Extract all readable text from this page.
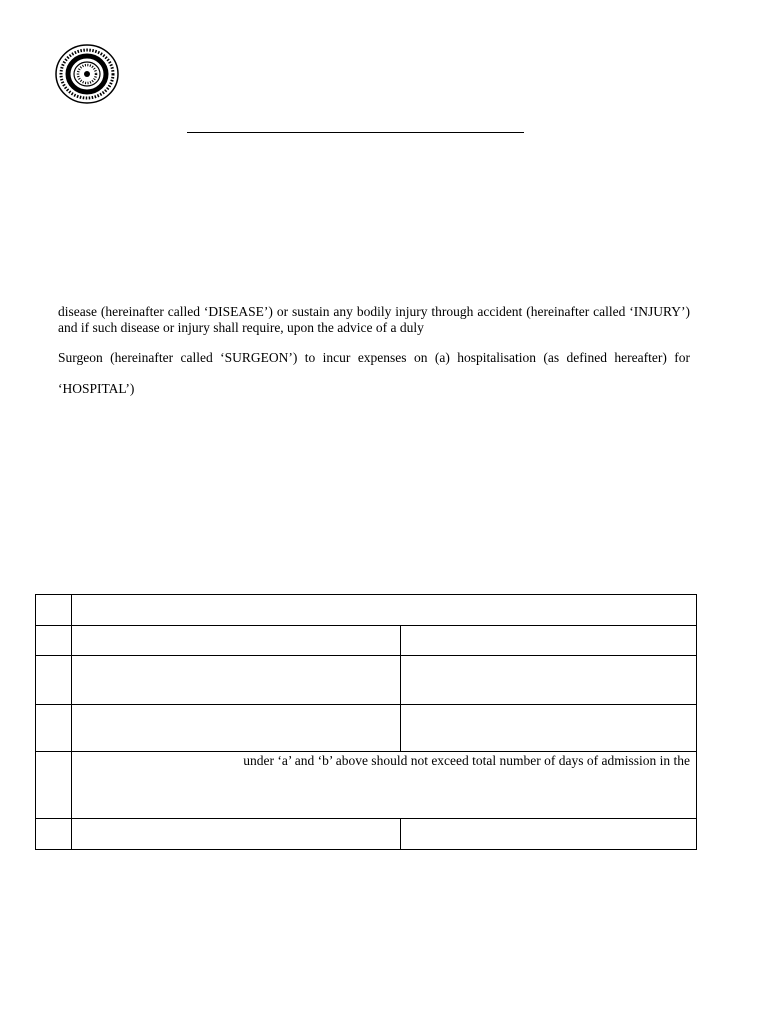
disease (hereinafter called ‘DISEASE’) or sustain any bodily injury through accident (hereinafter called ‘INJURY’) and if such disease or injury shall require, upon the advice of a duly

Surgeon (hereinafter called ‘SURGEON’) to incur expenses on (a) hospitalisation (as defined hereafter) for

‘HOSPITAL’)

under ‘a’ and ‘b’ above should not exceed total number of days of admission in the
